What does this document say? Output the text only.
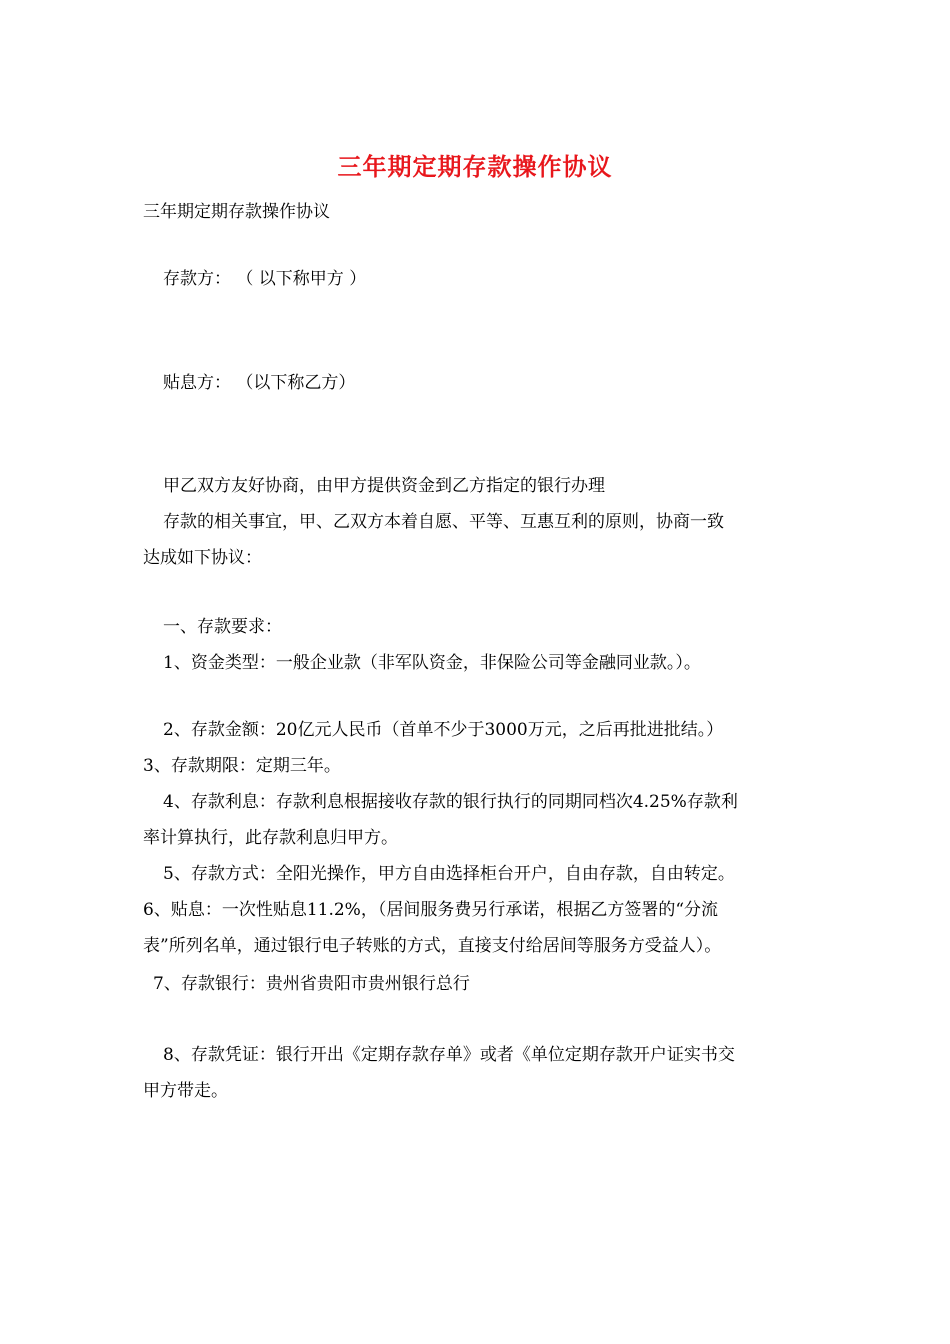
三年期定期存款操作协议
三年期定期存款操作协议
存款方： （ 以下称甲方 ）
贴息方： （以下称乙方）
甲乙双方友好协商，由甲方提供资金到乙方指定的银行办理
存款的相关事宜，甲、乙双方本着自愿、平等、互惠互利的原则，协商一致
达成如下协议：
一、存款要求：
1、资金类型：一般企业款（非军队资金，非保险公司等金融同业款。）。
2、存款金额：20亿元人民币（首单不少于3000万元，之后再批进批结。）
3、存款期限：定期三年。
4、存款利息：存款利息根据接收存款的银行执行的同期同档次4.25%存款利
率计算执行，此存款利息归甲方。
5、存款方式：全阳光操作，甲方自由选择柜台开户，自由存款，自由转定。
6、贴息：一次性贴息11.2%，（居间服务费另行承诺，根据乙方签署的“分流
表”所列名单，通过银行电子转账的方式，直接支付给居间等服务方受益人）。
7、存款银行：贵州省贵阳市贵州银行总行
8、存款凭证：银行开出《定期存款存单》或者《单位定期存款开户证实书交
甲方带走。
